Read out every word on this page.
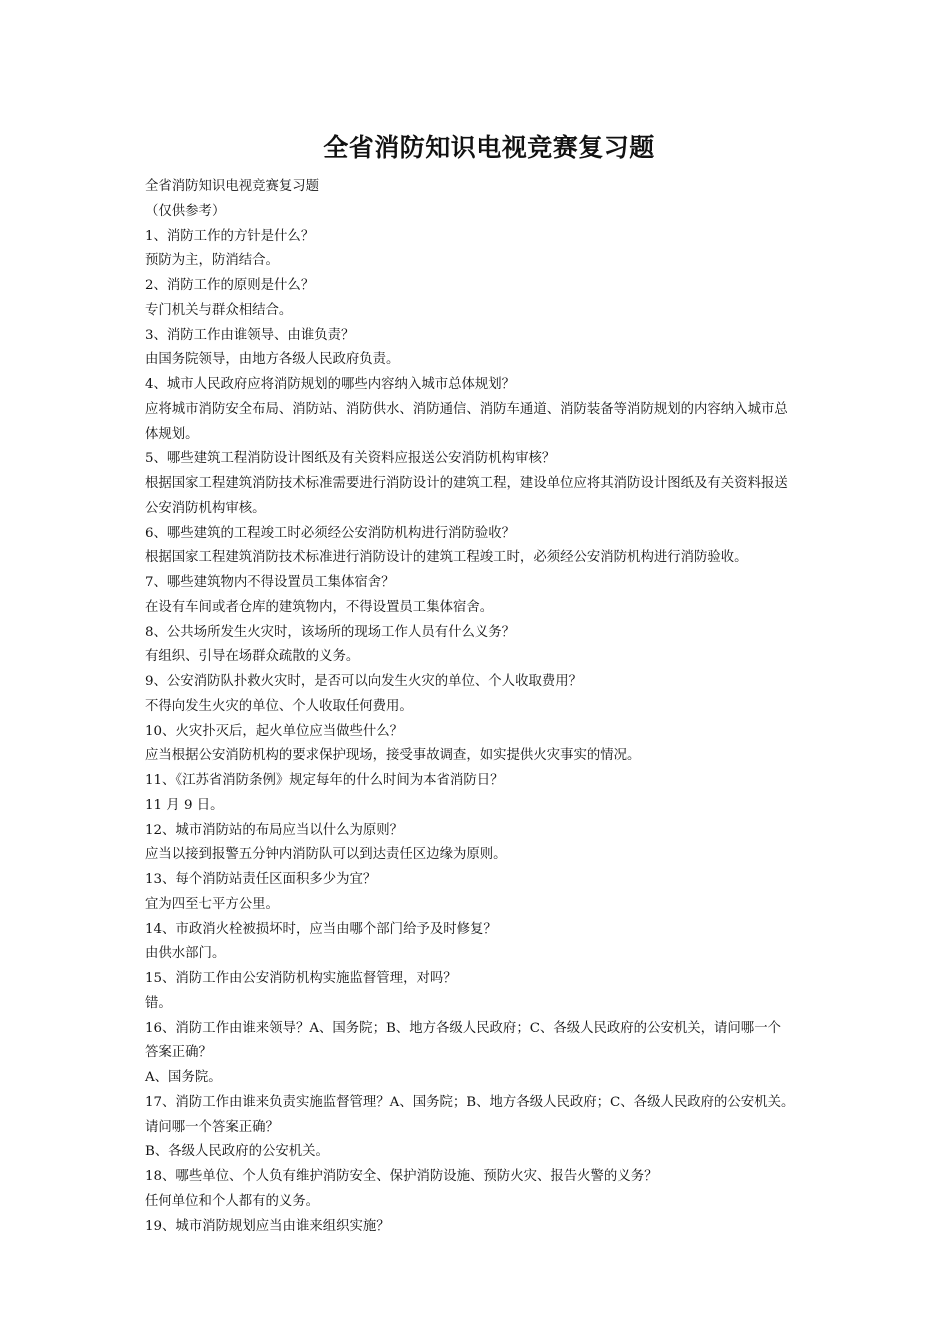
全省消防知识电视竞赛复习题
全省消防知识电视竞赛复习题
（仅供参考）
1、消防工作的方针是什么？
预防为主，防消结合。
2、消防工作的原则是什么？
专门机关与群众相结合。
3、消防工作由谁领导、由谁负责？
由国务院领导，由地方各级人民政府负责。
4、城市人民政府应将消防规划的哪些内容纳入城市总体规划？
应将城市消防安全布局、消防站、消防供水、消防通信、消防车通道、消防装备等消防规划的内容纳入城市总
体规划。
5、哪些建筑工程消防设计图纸及有关资料应报送公安消防机构审核？
根据国家工程建筑消防技术标准需要进行消防设计的建筑工程，建设单位应将其消防设计图纸及有关资料报送
公安消防机构审核。
6、哪些建筑的工程竣工时必须经公安消防机构进行消防验收？
根据国家工程建筑消防技术标准进行消防设计的建筑工程竣工时，必须经公安消防机构进行消防验收。
7、哪些建筑物内不得设置员工集体宿舍？
在设有车间或者仓库的建筑物内，不得设置员工集体宿舍。
8、公共场所发生火灾时，该场所的现场工作人员有什么义务？
有组织、引导在场群众疏散的义务。
9、公安消防队扑救火灾时，是否可以向发生火灾的单位、个人收取费用？
不得向发生火灾的单位、个人收取任何费用。
10、火灾扑灭后，起火单位应当做些什么？
应当根据公安消防机构的要求保护现场，接受事故调查，如实提供火灾事实的情况。
11、《江苏省消防条例》规定每年的什么时间为本省消防日？
11 月 9 日。
12、城市消防站的布局应当以什么为原则？
应当以接到报警五分钟内消防队可以到达责任区边缘为原则。
13、每个消防站责任区面积多少为宜？
宜为四至七平方公里。
14、市政消火栓被损坏时，应当由哪个部门给予及时修复？
由供水部门。
15、消防工作由公安消防机构实施监督管理，对吗？
错。
16、消防工作由谁来领导？A、国务院；B、地方各级人民政府；C、各级人民政府的公安机关，请问哪一个
答案正确？
A、国务院。
17、消防工作由谁来负责实施监督管理？A、国务院；B、地方各级人民政府；C、各级人民政府的公安机关。
请问哪一个答案正确？
B、各级人民政府的公安机关。
18、哪些单位、个人负有维护消防安全、保护消防设施、预防火灾、报告火警的义务？
任何单位和个人都有的义务。
19、城市消防规划应当由谁来组织实施？
